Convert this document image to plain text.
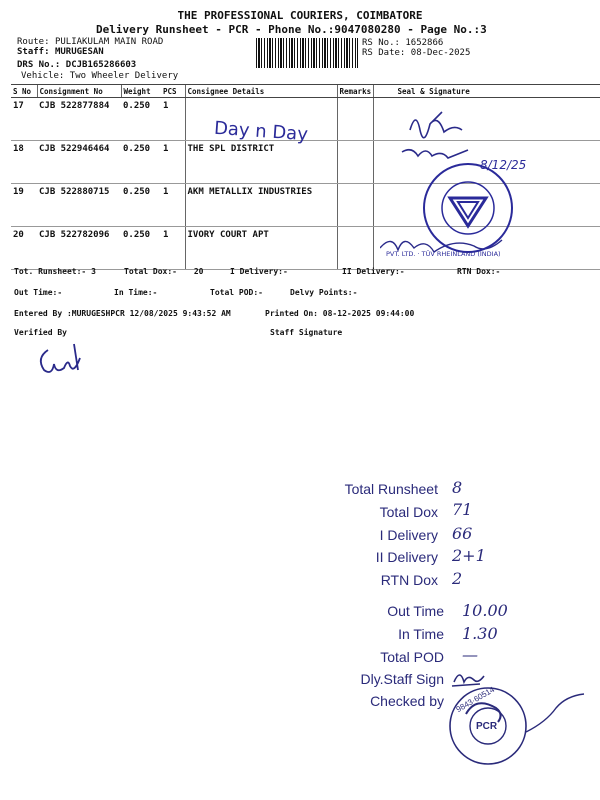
THE PROFESSIONAL COURIERS, COIMBATORE
Delivery Runsheet - PCR - Phone No.:9047080280 - Page No.:3
Route: PULIAKULAM MAIN ROAD
Staff: MURUGESAN
DRS No.: DCJB165286603
Vehicle: Two Wheeler Delivery
RS No.: 1652866
RS Date: 08-Dec-2025
S No	Consignment No	Weight	PCS	Consignee Details	Remarks	Seal & Signature
17	CJB 522877884	0.250	1			
18	CJB 522946464	0.250	1	THE SPL DISTRICT		
19	CJB 522880715	0.250	1	AKM METALLIX INDUSTRIES		
20	CJB 522782096	0.250	1	IVORY COURT APT		
Day n Day
8/12/25
PVT. LTD. · TÜV RHEINLAND (INDIA)
Tot. Runsheet:- 3	Total Dox:- 20	I Delivery:-	II Delivery:-	RTN Dox:-
Out Time:-	In Time:-	Total POD:-	Delvy Points:-
Entered By :MURUGESHPCR 12/08/2025 9:43:52 AM	Printed On: 08-12-2025 09:44:00
Verified By	Staff Signature
Total Runsheet 8
Total Dox 71
I Delivery 66
II Delivery 2+1
RTN Dox 2
Out Time 10.00
In Time 1.30
Total POD —
Dly.Staff Sign
Checked by
PCR
9843·60514
